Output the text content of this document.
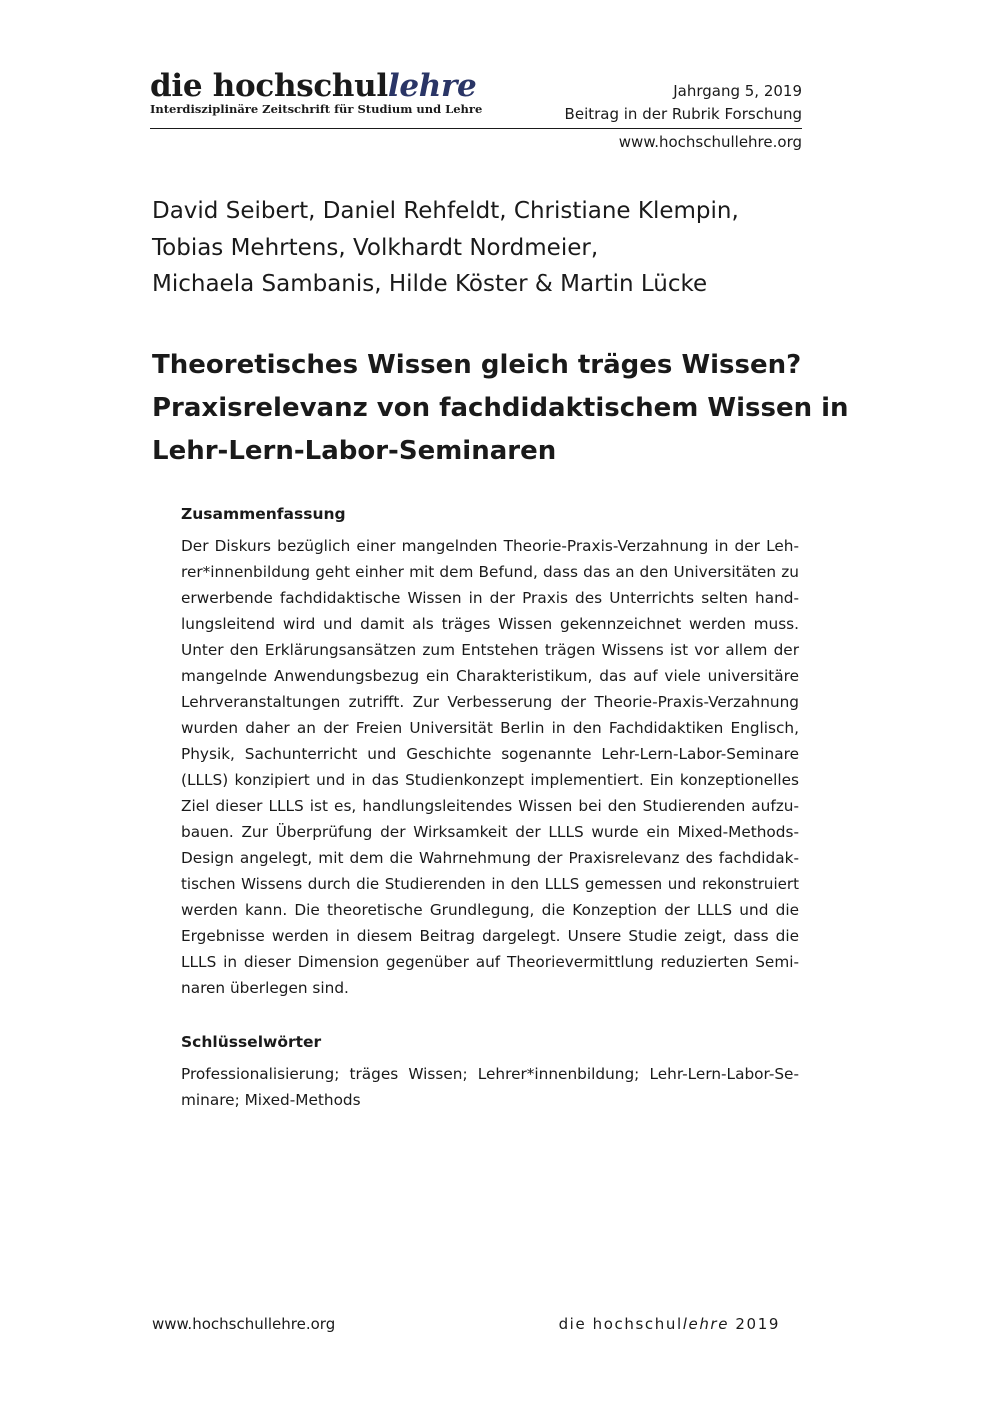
die hochschullehre
Interdisziplinäre Zeitschrift für Studium und Lehre
Jahrgang 5, 2019
Beitrag in der Rubrik Forschung
www.hochschullehre.org
David Seibert, Daniel Rehfeldt, Christiane Klempin,
Tobias Mehrtens, Volkhardt Nordmeier,
Michaela Sambanis, Hilde Köster & Martin Lücke
Theoretisches Wissen gleich träges Wissen?
Praxisrelevanz von fachdidaktischem Wissen in
Lehr-Lern-Labor-Seminaren
Zusammenfassung
Der Diskurs bezüglich einer mangelnden Theorie-Praxis-Verzahnung in der Leh-
rer*innenbildung geht einher mit dem Befund, dass das an den Universitäten zu
erwerbende fachdidaktische Wissen in der Praxis des Unterrichts selten hand-
lungsleitend wird und damit als träges Wissen gekennzeichnet werden muss.
Unter den Erklärungsansätzen zum Entstehen trägen Wissens ist vor allem der
mangelnde Anwendungsbezug ein Charakteristikum, das auf viele universitäre
Lehrveranstaltungen zutrifft. Zur Verbesserung der Theorie-Praxis-Verzahnung
wurden daher an der Freien Universität Berlin in den Fachdidaktiken Englisch,
Physik, Sachunterricht und Geschichte sogenannte Lehr-Lern-Labor-Seminare
(LLLS) konzipiert und in das Studienkonzept implementiert. Ein konzeptionelles
Ziel dieser LLLS ist es, handlungsleitendes Wissen bei den Studierenden aufzu-
bauen. Zur Überprüfung der Wirksamkeit der LLLS wurde ein Mixed-Methods-
Design angelegt, mit dem die Wahrnehmung der Praxisrelevanz des fachdidak-
tischen Wissens durch die Studierenden in den LLLS gemessen und rekonstruiert
werden kann. Die theoretische Grundlegung, die Konzeption der LLLS und die
Ergebnisse werden in diesem Beitrag dargelegt. Unsere Studie zeigt, dass die
LLLS in dieser Dimension gegenüber auf Theorievermittlung reduzierten Semi-
naren überlegen sind.
Schlüsselwörter
Professionalisierung; träges Wissen; Lehrer*innenbildung; Lehr-Lern-Labor-Se-
minare; Mixed-Methods
www.hochschullehre.org	die hochschullehre 2019
